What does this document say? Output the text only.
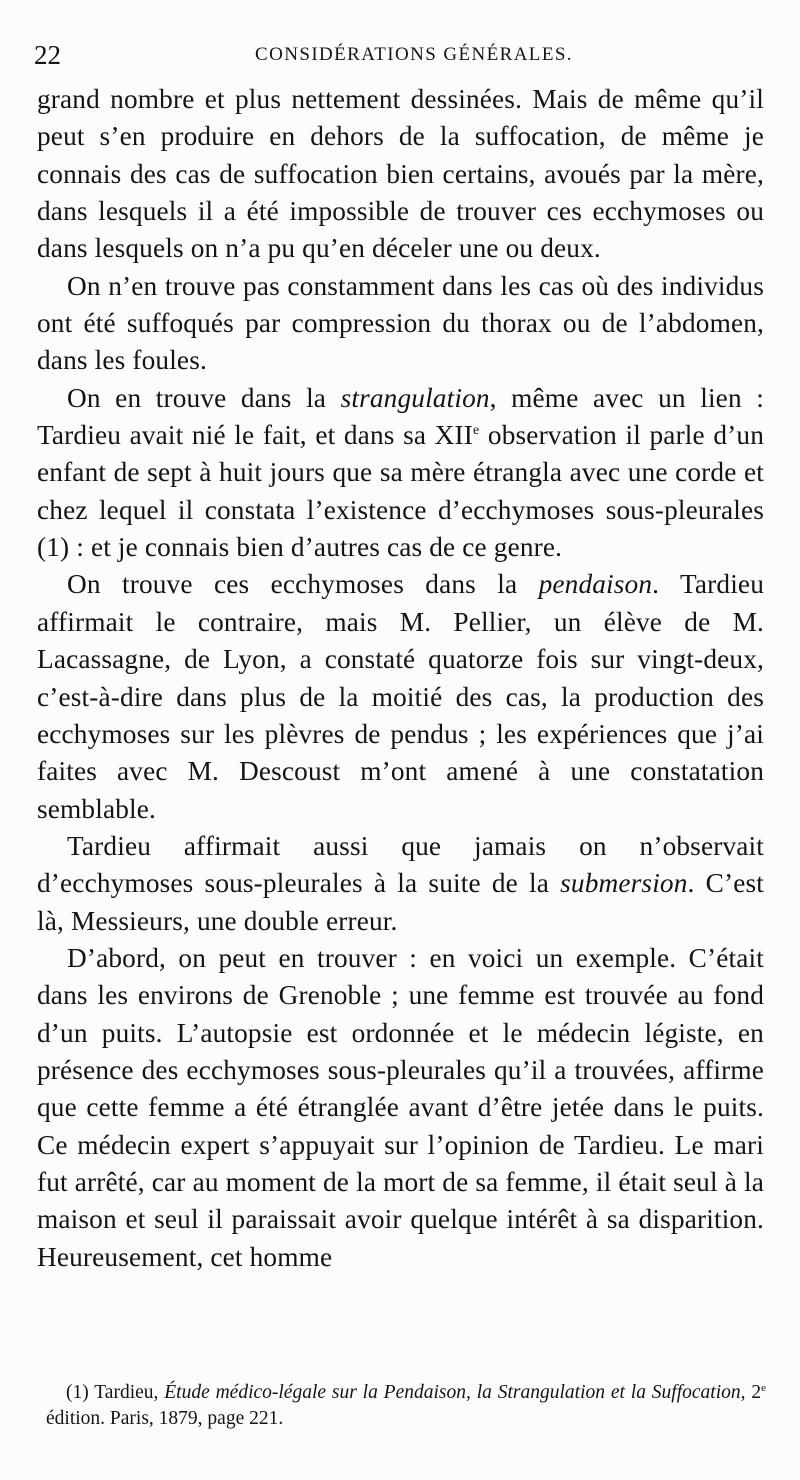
22	CONSIDÉRATIONS GÉNÉRALES.

grand nombre et plus nettement dessinées. Mais de même qu’il peut s’en produire en dehors de la suffocation, de même je connais des cas de suffocation bien certains, avoués par la mère, dans lesquels il a été impossible de trouver ces ecchymoses ou dans lesquels on n’a pu qu’en déceler une ou deux.

On n’en trouve pas constamment dans les cas où des individus ont été suffoqués par compression du thorax ou de l’abdomen, dans les foules.

On en trouve dans la strangulation, même avec un lien : Tardieu avait nié le fait, et dans sa XIIe observation il parle d’un enfant de sept à huit jours que sa mère étrangla avec une corde et chez lequel il constata l’existence d’ecchymoses sous-pleurales (1) : et je connais bien d’autres cas de ce genre.

On trouve ces ecchymoses dans la pendaison. Tardieu affirmait le contraire, mais M. Pellier, un élève de M. Lacassagne, de Lyon, a constaté quatorze fois sur vingt-deux, c’est-à-dire dans plus de la moitié des cas, la production des ecchymoses sur les plèvres de pendus ; les expériences que j’ai faites avec M. Descoust m’ont amené à une constatation semblable.

Tardieu affirmait aussi que jamais on n’observait d’ecchymoses sous-pleurales à la suite de la submersion. C’est là, Messieurs, une double erreur.

D’abord, on peut en trouver : en voici un exemple. C’était dans les environs de Grenoble ; une femme est trouvée au fond d’un puits. L’autopsie est ordonnée et le médecin légiste, en présence des ecchymoses sous-pleurales qu’il a trouvées, affirme que cette femme a été étranglée avant d’être jetée dans le puits. Ce médecin expert s’appuyait sur l’opinion de Tardieu. Le mari fut arrêté, car au moment de la mort de sa femme, il était seul à la maison et seul il paraissait avoir quelque intérêt à sa disparition. Heureusement, cet homme

(1) Tardieu, Étude médico-légale sur la Pendaison, la Strangulation et la Suffocation, 2e édition. Paris, 1879, page 221.
